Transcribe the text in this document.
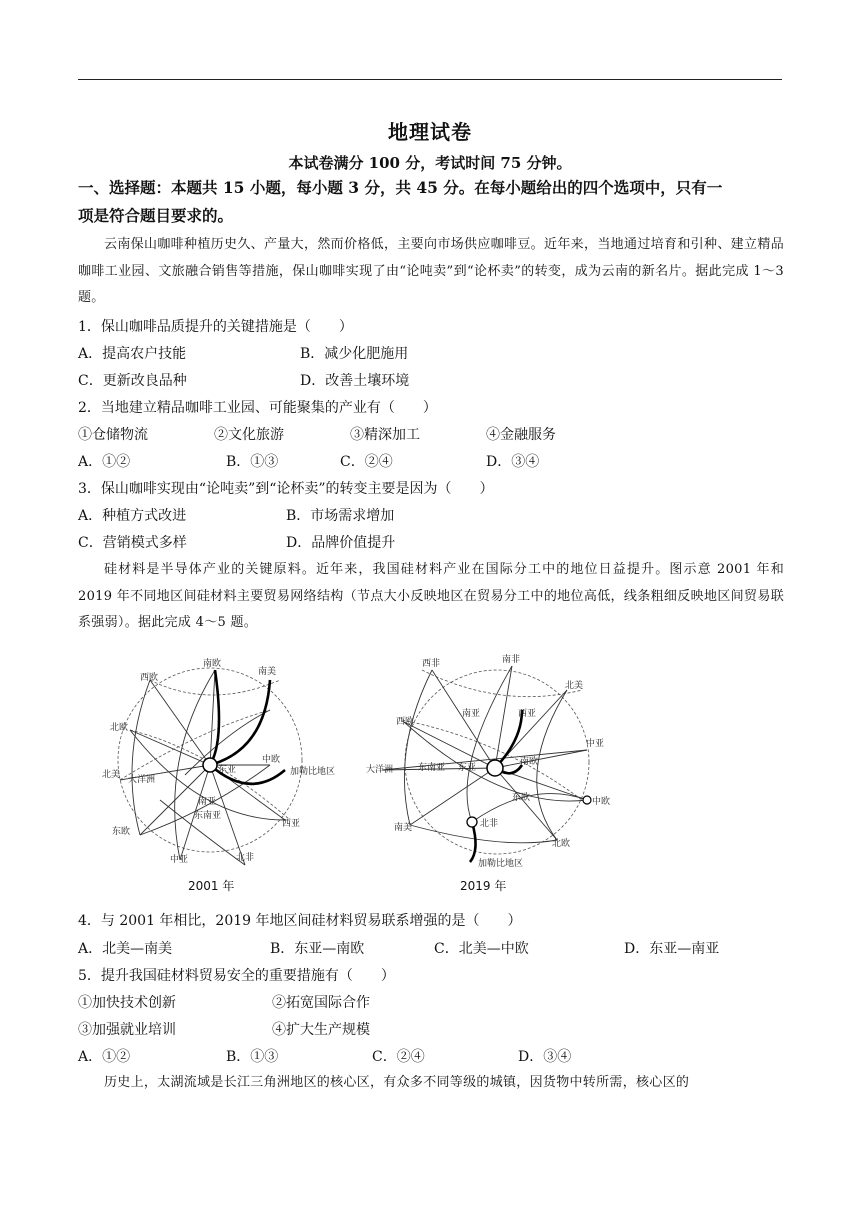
地理试卷
本试卷满分 100 分，考试时间 75 分钟。
一、选择题：本题共 15 小题，每小题 3 分，共 45 分。在每小题给出的四个选项中，只有一
项是符合题目要求的。
云南保山咖啡种植历史久、产量大，然而价格低，主要向市场供应咖啡豆。近年来，当地通过培育和引种、建立精品咖啡工业园、文旅融合销售等措施，保山咖啡实现了由“论吨卖”到“论杯卖”的转变，成为云南的新名片。据此完成 1～3 题。
1．保山咖啡品质提升的关键措施是（　　）
A．提高农户技能	B．减少化肥施用
C．更新改良品种	D．改善土壤环境
2．当地建立精品咖啡工业园、可能聚集的产业有（　　）
①仓储物流	②文化旅游	③精深加工	④金融服务
A．①②	B．①③	C．②④	D．③④
3．保山咖啡实现由“论吨卖”到“论杯卖”的转变主要是因为（　　）
A．种植方式改进	B．市场需求增加
C．营销模式多样	D．品牌价值提升
硅材料是半导体产业的关键原料。近年来，我国硅材料产业在国际分工中的地位日益提升。图示意 2001 年和 2019 年不同地区间硅材料主要贸易网络结构（节点大小反映地区在贸易分工中的地位高低，线条粗细反映地区间贸易联系强弱）。据此完成 4～5 题。
西欧
南欧
南美
北欧
东欧
东亚
中欧
加勒比地区
西亚
北非
南亚
东南亚
大洋洲
北美
中亚
2001 年
西非	南非
北美
西欧
南亚	西亚
中亚
大洋洲	东南亚 东亚
南欧
中欧
东欧
南美
北欧
北非
加勒比地区
2019 年
4．与 2001 年相比，2019 年地区间硅材料贸易联系增强的是（　　）
A．北美—南美	B．东亚—南欧	C．北美—中欧	D．东亚—南亚
5．提升我国硅材料贸易安全的重要措施有（　　）
①加快技术创新	②拓宽国际合作
③加强就业培训	④扩大生产规模
A．①②	B．①③	C．②④	D．③④
历史上，太湖流域是长江三角洲地区的核心区，有众多不同等级的城镇，因货物中转所需，核心区的
